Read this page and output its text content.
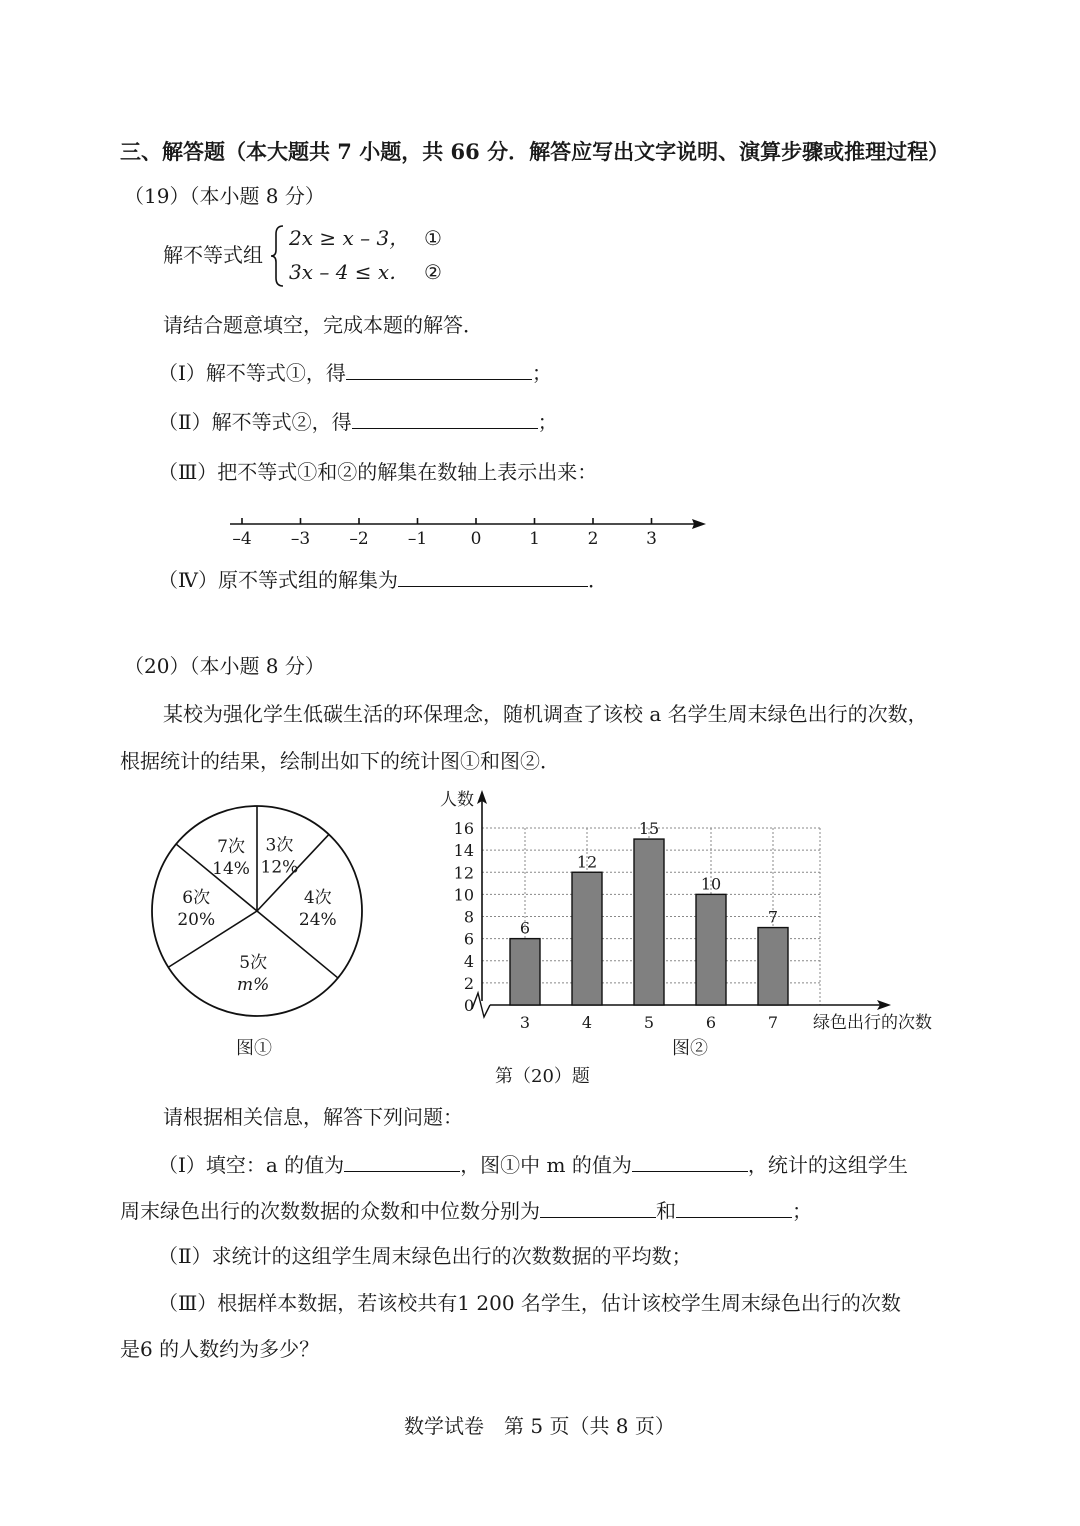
三、解答题（本大题共 7 小题，共 66 分．解答应写出文字说明、演算步骤或推理过程）
（19）（本小题 8 分）
解不等式组
2x ≥ x – 3， ①
3x – 4 ≤ x． ②
请结合题意填空，完成本题的解答．
（Ⅰ）解不等式①，得	；
（Ⅱ）解不等式②，得	；
（Ⅲ）把不等式①和②的解集在数轴上表示出来：
–4 –3 –2 –1	0	1	2	3
（Ⅳ）原不等式组的解集为	．
（20）（本小题 8 分）
某校为强化学生低碳生活的环保理念，随机调查了该校 a 名学生周末绿色出行的次数，
根据统计的结果，绘制出如下的统计图①和图②．
3次
12%
4次
24%
5次
m%
6次
20%
7次
14%
图①
0
2
4
6
8
10
12
14
16
人数
绿色出行的次数
6
3
12
4
15
5
10
6
7
7
图②
第（20）题
请根据相关信息，解答下列问题：
（Ⅰ）填空：a 的值为	，图①中 m 的值为	，统计的这组学生
周末绿色出行的次数数据的众数和中位数分别为	和	；
（Ⅱ）求统计的这组学生周末绿色出行的次数数据的平均数；
（Ⅲ）根据样本数据，若该校共有1 200 名学生，估计该校学生周末绿色出行的次数
是6 的人数约为多少？
数学试卷　第 5 页（共 8 页）
